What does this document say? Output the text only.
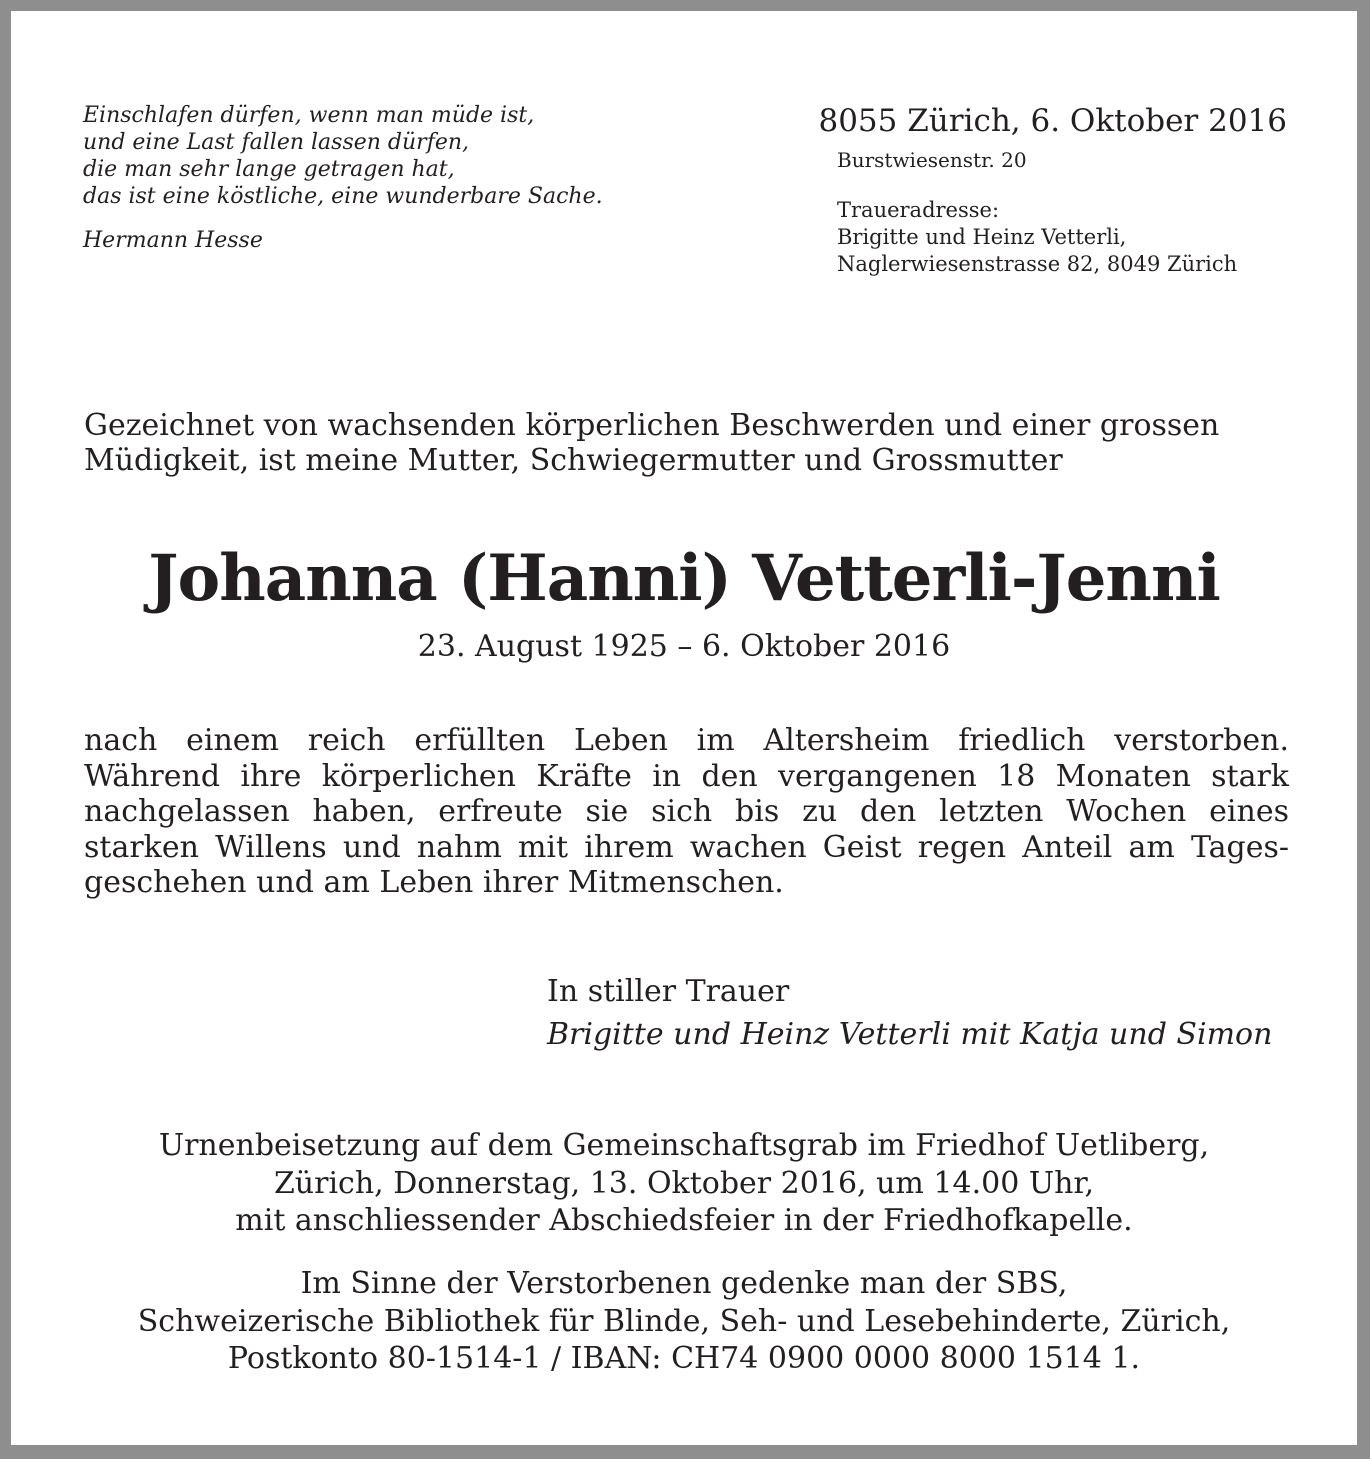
Einschlafen dürfen, wenn man müde ist,
und eine Last fallen lassen dürfen,
die man sehr lange getragen hat,
das ist eine köstliche, eine wunderbare Sache.
Hermann Hesse
8055 Zürich, 6. Oktober 2016
Burstwiesenstr. 20
Traueradresse:
Brigitte und Heinz Vetterli,
Naglerwiesenstrasse 82, 8049 Zürich
Gezeichnet von wachsenden körperlichen Beschwerden und einer grossen
Müdigkeit, ist meine Mutter, Schwiegermutter und Grossmutter
Johanna (Hanni) Vetterli-Jenni
23. August 1925 – 6. Oktober 2016
nach einem reich erfüllten Leben im Altersheim friedlich verstorben.
Während ihre körperlichen Kräfte in den vergangenen 18 Monaten stark
nachgelassen haben, erfreute sie sich bis zu den letzten Wochen eines
starken Willens und nahm mit ihrem wachen Geist regen Anteil am Tages-
geschehen und am Leben ihrer Mitmenschen.
In stiller Trauer
Brigitte und Heinz Vetterli mit Katja und Simon
Urnenbeisetzung auf dem Gemeinschaftsgrab im Friedhof Uetliberg,
Zürich, Donnerstag, 13. Oktober 2016, um 14.00 Uhr,
mit anschliessender Abschiedsfeier in der Friedhofkapelle.
Im Sinne der Verstorbenen gedenke man der SBS,
Schweizerische Bibliothek für Blinde, Seh- und Lesebehinderte, Zürich,
Postkonto 80-1514-1 / IBAN: CH74 0900 0000 8000 1514 1.
